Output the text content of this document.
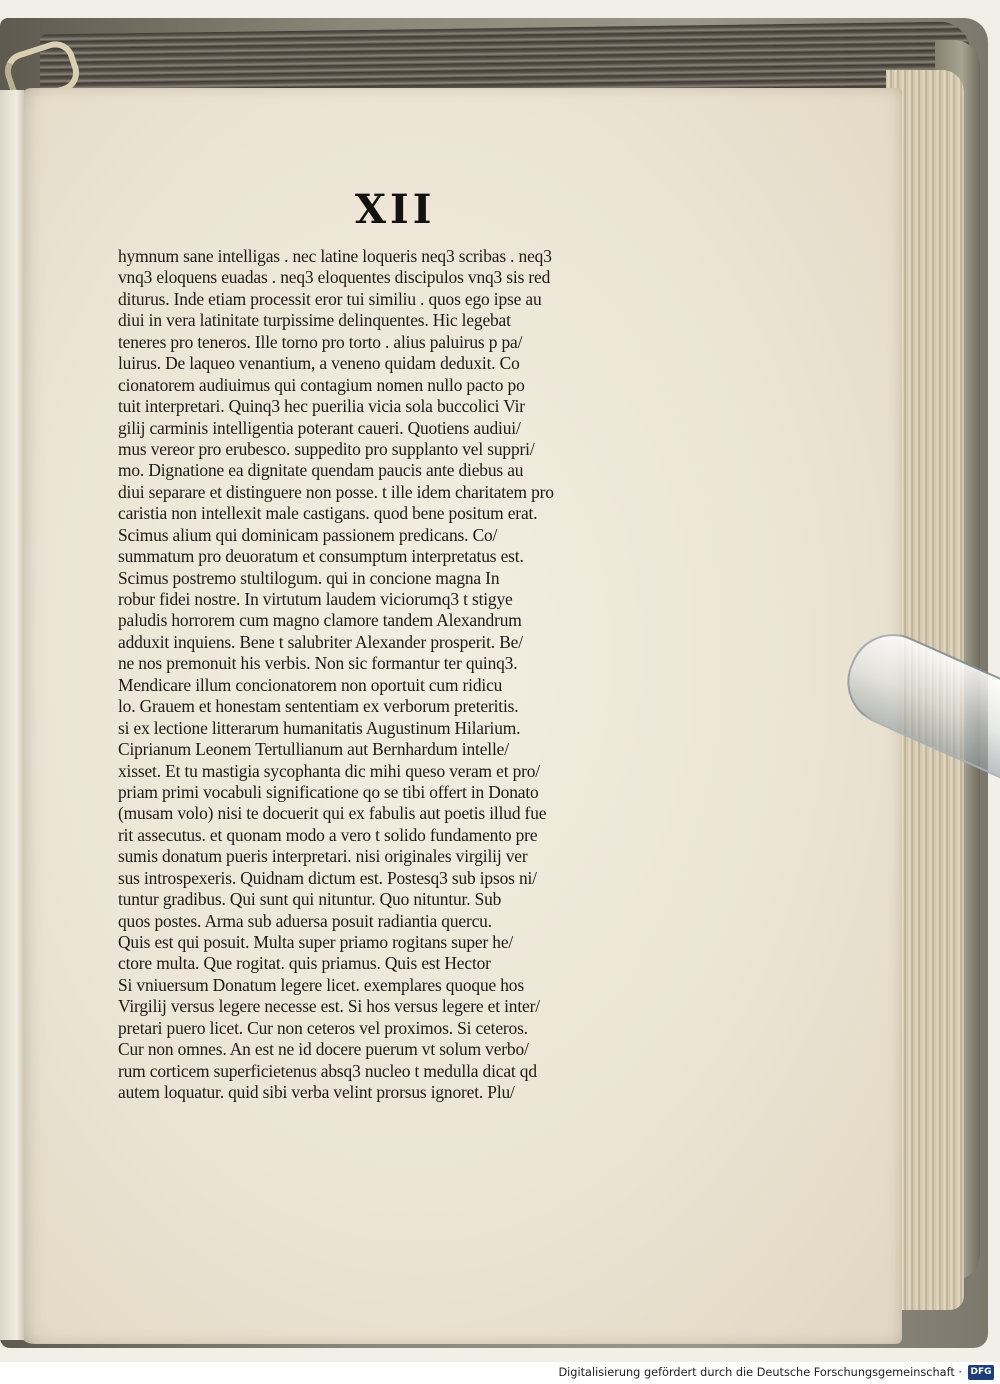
XII
hymnum sane intelligas . nec latine loqueris neq3 scribas . neq3
vnq3 eloquens euadas . neq3 eloquentes discipulos vnq3 sis red
diturus. Inde etiam processit eror tui similiu . quos ego ipse au
diui in vera latinitate turpissime delinquentes. Hic legebat
teneres pro teneros. Ille torno pro torto . alius paluirus p pa/
luirus. De laqueo venantium, a veneno quidam deduxit. Co
cionatorem audiuimus qui contagium nomen nullo pacto po
tuit interpretari. Quinq3 hec puerilia vicia sola buccolici Vir
gilij carminis intelligentia poterant caueri. Quotiens audiui/
mus vereor pro erubesco. suppedito pro supplanto vel suppri/
mo. Dignatione ea dignitate quendam paucis ante diebus au
diui separare et distinguere non posse. t ille idem charitatem pro
caristia non intellexit male castigans. quod bene positum erat.
Scimus alium qui dominicam passionem predicans. Co/
summatum pro deuoratum et consumptum interpretatus est.
Scimus postremo stultilogum. qui in concione magna In
robur fidei nostre. In virtutum laudem viciorumq3 t stigye
paludis horrorem cum magno clamore tandem Alexandrum
adduxit inquiens. Bene t salubriter Alexander prosperit. Be/
ne nos premonuit his verbis. Non sic formantur ter quinq3.
Mendicare illum concionatorem non oportuit cum ridicu
lo. Grauem et honestam sententiam ex verborum preteritis.
si ex lectione litterarum humanitatis Augustinum Hilarium.
Ciprianum Leonem Tertullianum aut Bernhardum intelle/
xisset. Et tu mastigia sycophanta dic mihi queso veram et pro/
priam primi vocabuli significatione qo se tibi offert in Donato
(musam volo) nisi te docuerit qui ex fabulis aut poetis illud fue
rit assecutus. et quonam modo a vero t solido fundamento pre
sumis donatum pueris interpretari. nisi originales virgilij ver
sus introspexeris. Quidnam dictum est. Postesq3 sub ipsos ni/
tuntur gradibus. Qui sunt qui nituntur. Quo nituntur. Sub
quos postes. Arma sub aduersa posuit radiantia quercu.
Quis est qui posuit. Multa super priamo rogitans super he/
ctore multa. Que rogitat. quis priamus. Quis est Hector
Si vniuersum Donatum legere licet. exemplares quoque hos
Virgilij versus legere necesse est. Si hos versus legere et inter/
pretari puero licet. Cur non ceteros vel proximos. Si ceteros.
Cur non omnes. An est ne id docere puerum vt solum verbo/
rum corticem superficietenus absq3 nucleo t medulla dicat qd
autem loquatur. quid sibi verba velint prorsus ignoret. Plu/
Digitalisierung gefördert durch die Deutsche Forschungsgemeinschaft · DFG
